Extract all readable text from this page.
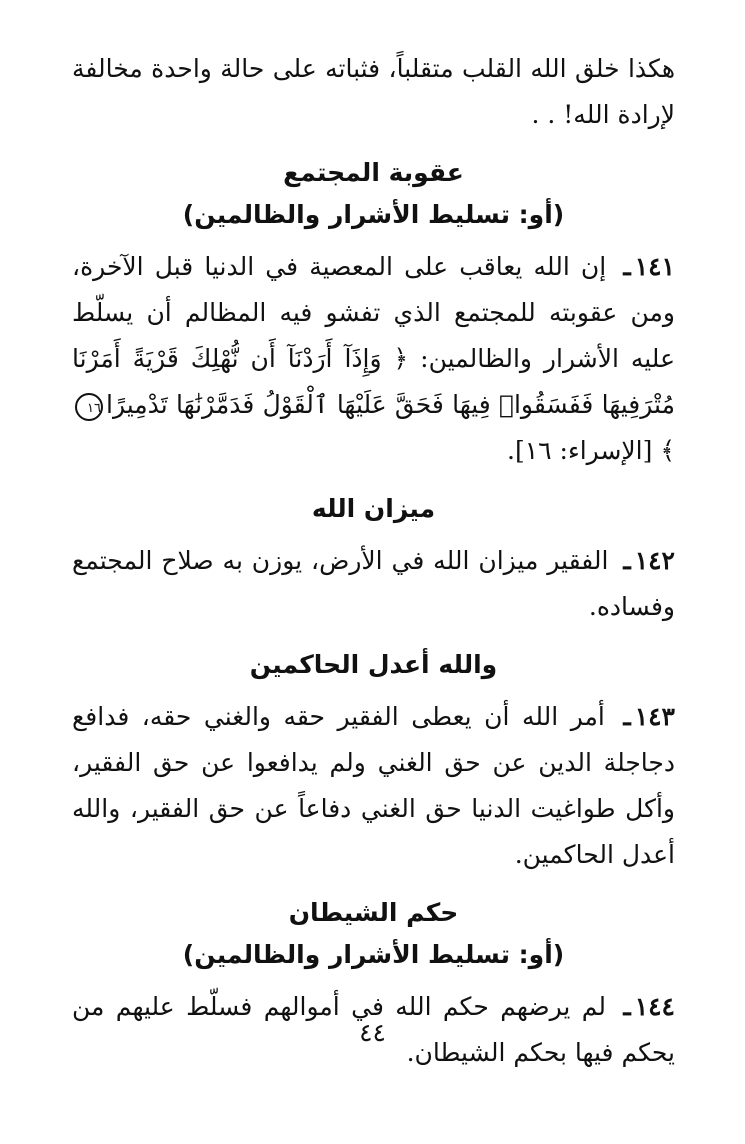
هكذا خلق الله القلب متقلباً، فثباته على حالة واحدة مخالفة لإرادة الله! . .

عقوبة المجتمع
(أو: تسليط الأشرار والظالمين)

١٤١ـ إن الله يعاقب على المعصية في الدنيا قبل الآخرة، ومن عقوبته للمجتمع الذي تفشو فيه المظالم أن يسلّط عليه الأشرار والظالمين: ﴿ وَإِذَآ أَرَدْنَآ أَن نُّهْلِكَ قَرْيَةً أَمَرْنَا مُتْرَفِيهَا فَفَسَقُوا۟ فِيهَا فَحَقَّ عَلَيْهَا ٱلْقَوْلُ فَدَمَّرْنَٰهَا تَدْمِيرًا١٦﴾ [الإسراء: ١٦].

ميزان الله

١٤٢ـ الفقير ميزان الله في الأرض، يوزن به صلاح المجتمع وفساده.

والله أعدل الحاكمين

١٤٣ـ أمر الله أن يعطى الفقير حقه والغني حقه، فدافع دجاجلة الدين عن حق الغني ولم يدافعوا عن حق الفقير، وأكل طواغيت الدنيا حق الغني دفاعاً عن حق الفقير، والله أعدل الحاكمين.

حكم الشيطان
(أو: تسليط الأشرار والظالمين)

١٤٤ـ لم يرضهم حكم الله في أموالهم فسلّط عليهم من يحكم فيها بحكم الشيطان.

٤٤
